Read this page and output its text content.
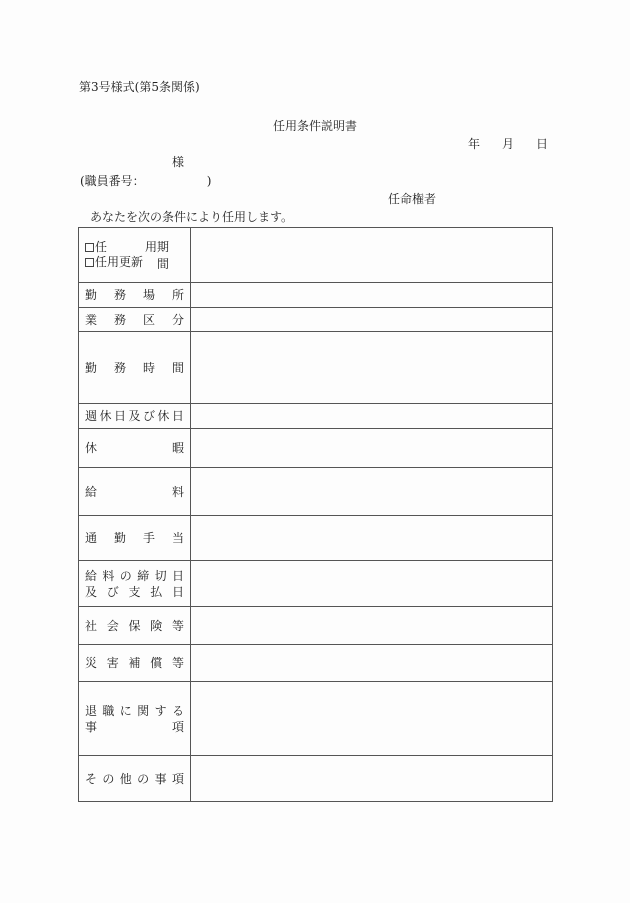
第3号様式(第5条関係)
任用条件説明書
年 月 日
様
(職員番号：	)
任命権者
あなたを次の条件により任用します。
任 用
任用更新
期間	

勤 務 場 所	

業 務 区 分	

勤 務 時 間	

週 休 日 及 び 休 日

休 暇	

給 料	

通 勤 手 当	

給 料 の 締 切 日
及 び 支 払 日

社 会 保 険 等	

災 害 補 償 等	

退 職 に 関 す る
事	項

そ の 他 の 事 項
